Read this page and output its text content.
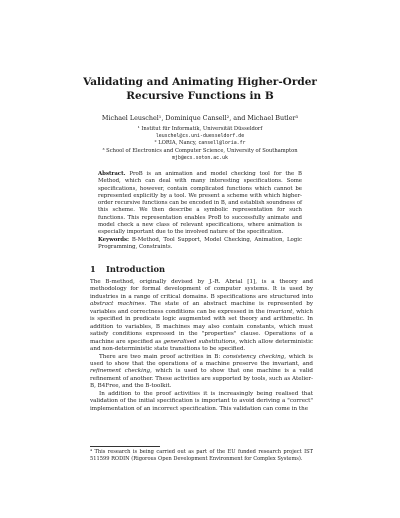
Validating and Animating Higher-Order
Recursive Functions in B
Michael Leuschel¹, Dominique Cansell², and Michael Butler³
¹ Institut für Informatik, Universität Düsseldorf
leuschel@cs.uni-duesseldorf.de
² LORIA, Nancy, cansell@loria.fr
³ School of Electronics and Computer Science, University of Southampton
mjb@ecs.soton.ac.uk
Abstract. ProB is an animation and model checking tool for the B Method, which can deal with many interesting specifications. Some specifications, however, contain complicated functions which cannot be represented explicitly by a tool. We present a scheme with which higher-order recursive functions can be encoded in B, and establish soundness of this scheme. We then describe a symbolic representation for such functions. This representation enables ProB to successfully animate and model check a new class of relevant specifications, where animation is especially important due to the involved nature of the specification.
Keywords: B-Method, Tool Support, Model Checking, Animation, Logic Programming, Constraints.
1 Introduction

The B-method, originally devised by J.-R. Abrial [1], is a theory and methodology for formal development of computer systems. It is used by industries in a range of critical domains. B specifications are structured into abstract machines. The state of an abstract machine is represented by variables and correctness conditions can be expressed in the invariant, which is specified in predicate logic augmented with set theory and arithmetic. In addition to variables, B machines may also contain constants, which must satisfy conditions expressed in the "properties" clause. Operations of a machine are specified as generalised substitutions, which allow deterministic and non-deterministic state transitions to be specified.

There are two main proof activities in B: consistency checking, which is used to show that the operations of a machine preserve the invariant, and refinement checking, which is used to show that one machine is a valid refinement of another. These activities are supported by tools, such as Atelier-B, B4Free, and the B-toolkit.

In addition to the proof activities it is increasingly being realised that validation of the initial specification is important to avoid deriving a "correct" implementation of an incorrect specification. This validation can come in the

⁴ This research is being carried out as part of the EU funded research project IST 511599 RODIN (Rigorous Open Development Environment for Complex Systems).
